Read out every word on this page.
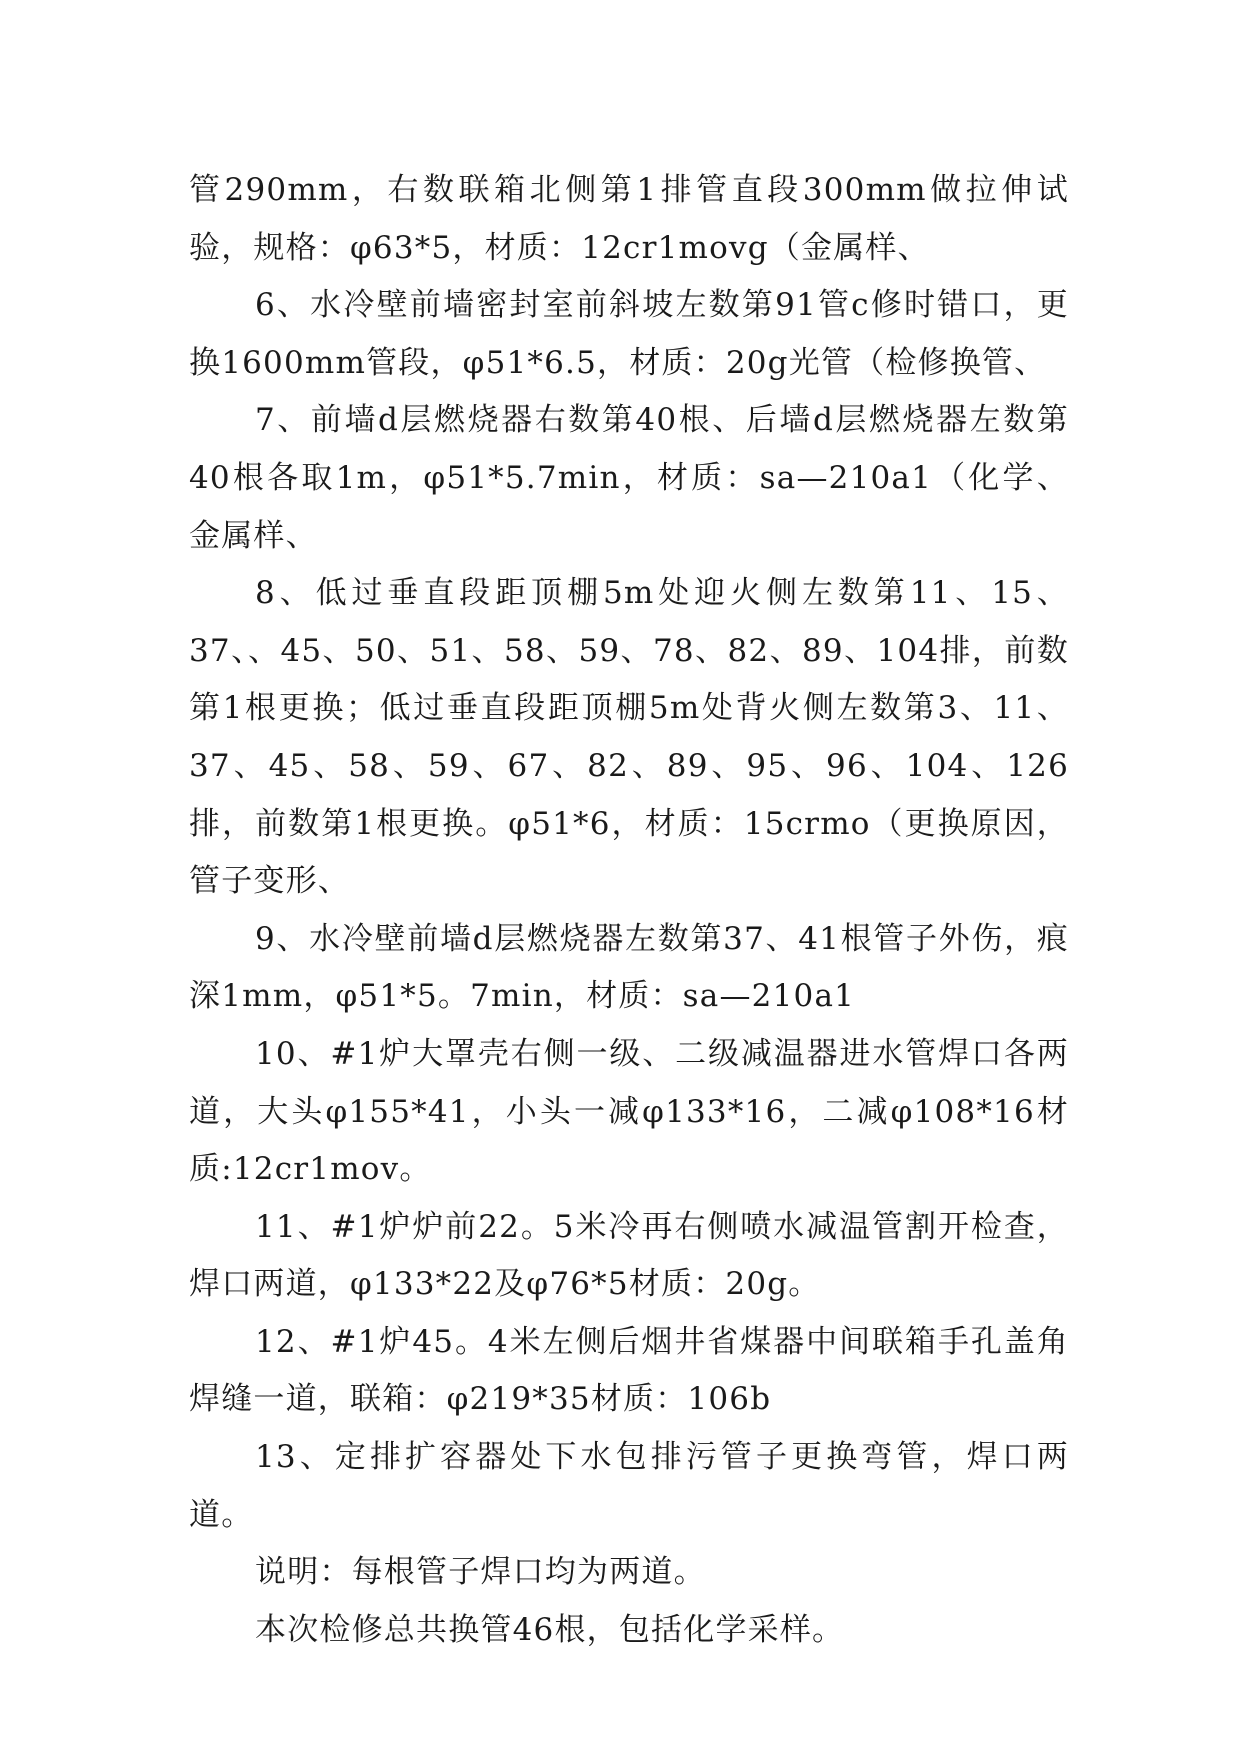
管290mm，右数联箱北侧第1排管直段300mm做拉伸试验，规格：φ63*5，材质：12cr1movg（金属样、

6、水冷壁前墙密封室前斜坡左数第91管c修时错口，更换1600mm管段，φ51*6.5，材质：20g光管（检修换管、

7、前墙d层燃烧器右数第40根、后墙d层燃烧器左数第40根各取1m，φ51*5.7min，材质：sa—210a1（化学、金属样、

8、低过垂直段距顶棚5m处迎火侧左数第11、15、37、、45、50、51、58、59、78、82、89、104排，前数第1根更换；低过垂直段距顶棚5m处背火侧左数第3、11、37、45、58、59、67、82、89、95、96、104、126排，前数第1根更换。φ51*6，材质：15crmo（更换原因，管子变形、

9、水冷壁前墙d层燃烧器左数第37、41根管子外伤，痕深1mm，φ51*5。7min，材质：sa—210a1

10、#1炉大罩壳右侧一级、二级减温器进水管焊口各两道，大头φ155*41，小头一减φ133*16，二减φ108*16材质:12cr1mov。

11、#1炉炉前22。5米冷再右侧喷水减温管割开检查，焊口两道，φ133*22及φ76*5材质：20g。

12、#1炉45。4米左侧后烟井省煤器中间联箱手孔盖角焊缝一道，联箱：φ219*35材质：106b

13、定排扩容器处下水包排污管子更换弯管，焊口两道。

说明：每根管子焊口均为两道。

本次检修总共换管46根，包括化学采样。
